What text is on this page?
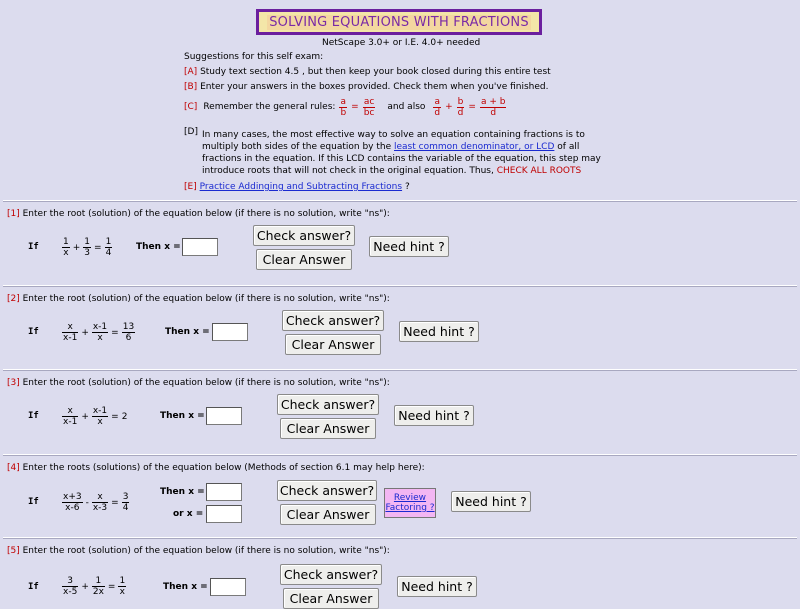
SOLVING EQUATIONS WITH FRACTIONS
NetScape 3.0+ or I.E. 4.0+ needed
Suggestions for this self exam:
[A] Study text section 4.5 , but then keep your book closed during this entire test
[B] Enter your answers in the boxes provided. Check them when you've finished.
[C] Remember the general rules: $\frac{a}{b} = \frac{ac}{bc}$ and also $\frac{a}{d} + \frac{b}{d} = \frac{a + b}{d}$
[D] In many cases, the most effective way to solve an equation containing fractions is to
multiply both sides of the equation by the least common denominator, or LCD of all
fractions in the equation. If this LCD contains the variable of the equation, this step may
introduce roots that will not check in the original equation. Thus, CHECK ALL ROOTS
[E] Practice Addinging and Subtracting Fractions ?
[1] Enter the root (solution) of the equation below (if there is no solution, write "ns"):
If	$\frac{1}{x} + \frac{1}{3} = \frac{1}{4}$	Then x =
Check answer?
Clear Answer
Need hint ?
[2] Enter the root (solution) of the equation below (if there is no solution, write "ns"):
If	$\frac{x}{x-1} + \frac{x-1}{x} = \frac{13}{6}$	Then x =
Check answer?
Clear Answer
Need hint ?
[3] Enter the root (solution) of the equation below (if there is no solution, write "ns"):
If	$\frac{x}{x-1} + \frac{x-1}{x} = 2$	Then x =
Check answer?
Clear Answer
Need hint ?
[4] Enter the roots (solutions) of the equation below (Methods of section 6.1 may help here):
If	$\frac{x+3}{x-6} - \frac{x}{x-3} = \frac{3}{4}$	Then x =
or x =
Check answer?
Clear Answer
Review
Factoring ?	Need hint ?
[5] Enter the root (solution) of the equation below (if there is no solution, write "ns"):
If	$\frac{3}{x-5} + \frac{1}{2x} = \frac{1}{x}$	Then x =
Check answer?
Clear Answer
Need hint ?
